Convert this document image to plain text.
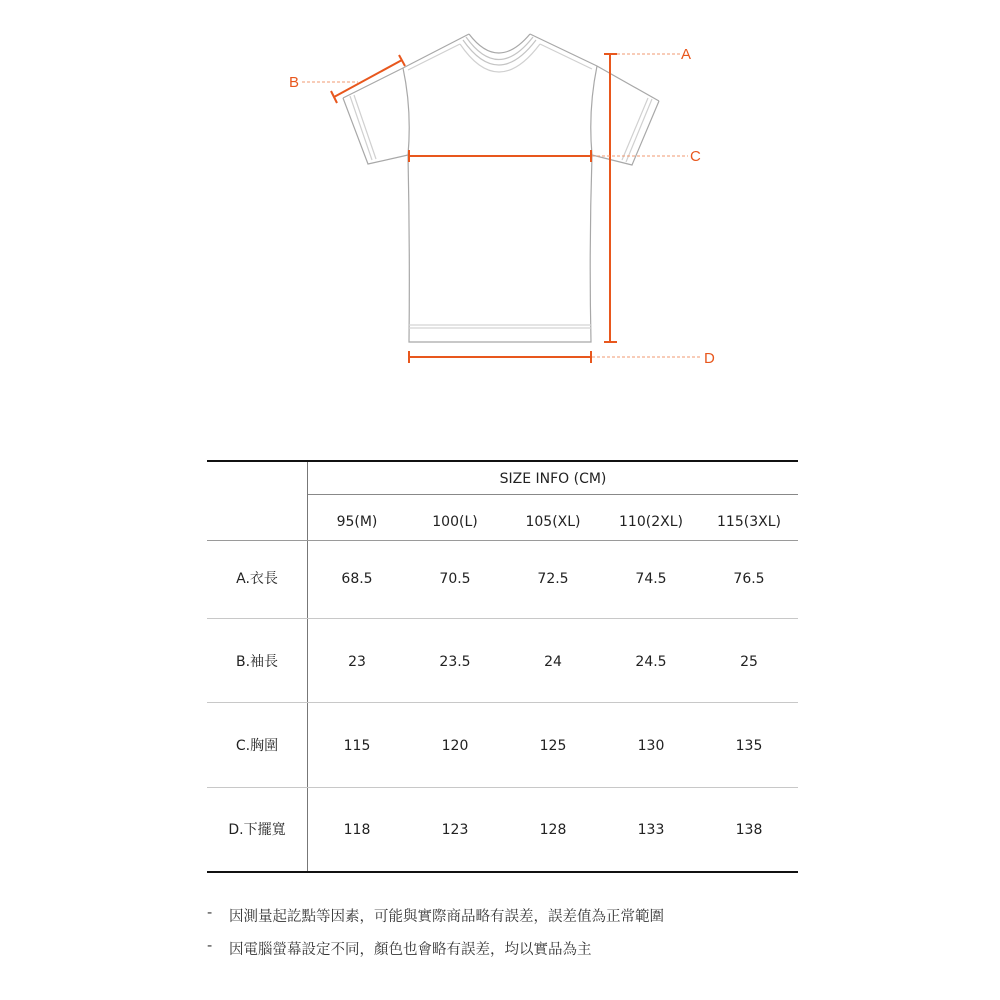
B
A
C
D
SIZE INFO (CM)
95(M)	100(L)	105(XL)	110(2XL)	115(3XL)
A.衣長	68.5	70.5	72.5	74.5	76.5
B.袖長	23	23.5	24	24.5	25
C.胸圍	115	120	125	130	135
D.下擺寬	118	123	128	133	138
-	因測量起訖點等因素，可能與實際商品略有誤差，誤差值為正常範圍
-	因電腦螢幕設定不同，顏色也會略有誤差，均以實品為主
